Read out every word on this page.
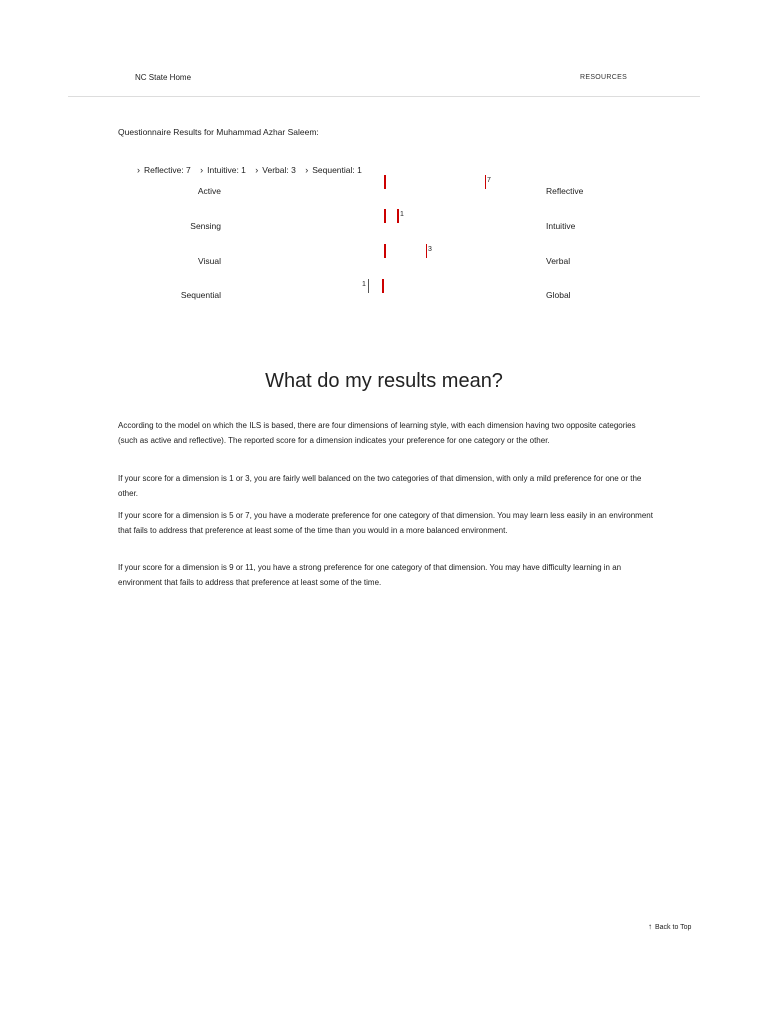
NC State Home	RESOURCES
Questionnaire Results for Muhammad Azhar Saleem:
› Reflective: 7 › Intuitive: 1 › Verbal: 3 › Sequential: 1
Active	Reflective
7
Sensing	Intuitive
1
Visual	Verbal
3
Sequential	Global
1
What do my results mean?

According to the model on which the ILS is based, there are four dimensions of learning style, with each dimension having two opposite categories (such as active and reflective). The reported score for a dimension indicates your preference for one category or the other.

If your score for a dimension is 1 or 3, you are fairly well balanced on the two categories of that dimension, with only a mild preference for one or the other.

If your score for a dimension is 5 or 7, you have a moderate preference for one category of that dimension. You may learn less easily in an environment that fails to address that preference at least some of the time than you would in a more balanced environment.

If your score for a dimension is 9 or 11, you have a strong preference for one category of that dimension. You may have difficulty learning in an environment that fails to address that preference at least some of the time.

↑ Back to Top
